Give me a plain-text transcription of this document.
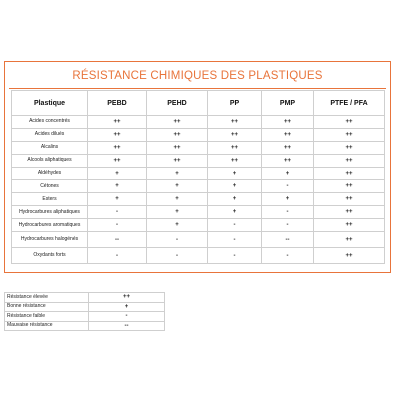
RÉSISTANCE CHIMIQUES DES PLASTIQUES
Plastique	PEBD	PEHD	PP	PMP	PTFE / PFA
Acides concentrés	++	++	++	++	++
Acides dilués	++	++	++	++	++
Alcalins	++	++	++	++	++
Alcools aliphatiques	++	++	++	++	++
Aldéhydes	+	+	+	+	++
Cétones	+	+	+	-	++
Esters	+	+	+	+	++
Hydrocarbures aliphatiques	-	+	+	-	++
Hydrocarbures aromatiques	-	+	-	-	++
Hydrocarbures halogénés	--	-	-	--	++
Oxydants forts	-	-	-	-	++
Résistance élevée	++
Bonne résistance	+
Résistance faible	-
Mauvaise résistance	--
